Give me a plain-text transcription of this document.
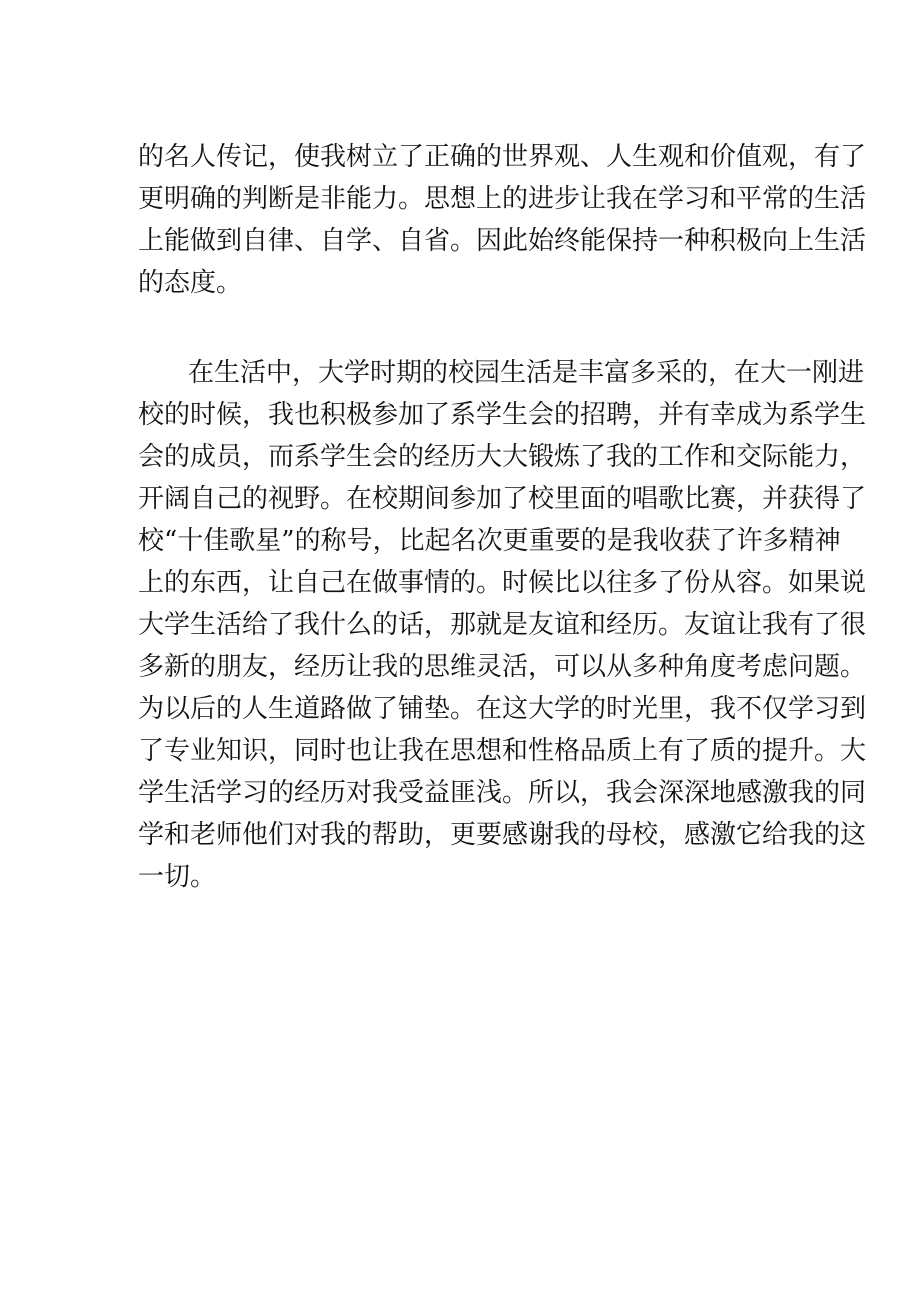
的名人传记，使我树立了正确的世界观、人生观和价值观，有了
更明确的判断是非能力。思想上的进步让我在学习和平常的生活
上能做到自律、自学、自省。因此始终能保持一种积极向上生活
的态度。
在生活中，大学时期的校园生活是丰富多采的，在大一刚进
校的时候，我也积极参加了系学生会的招聘，并有幸成为系学生
会的成员，而系学生会的经历大大锻炼了我的工作和交际能力，
开阔自己的视野。在校期间参加了校里面的唱歌比赛，并获得了
校“十佳歌星”的称号，比起名次更重要的是我收获了许多精神
上的东西，让自己在做事情的。时候比以往多了份从容。如果说
大学生活给了我什么的话，那就是友谊和经历。友谊让我有了很
多新的朋友，经历让我的思维灵活，可以从多种角度考虑问题。
为以后的人生道路做了铺垫。在这大学的时光里，我不仅学习到
了专业知识，同时也让我在思想和性格品质上有了质的提升。大
学生活学习的经历对我受益匪浅。所以，我会深深地感激我的同
学和老师他们对我的帮助，更要感谢我的母校，感激它给我的这
一切。
